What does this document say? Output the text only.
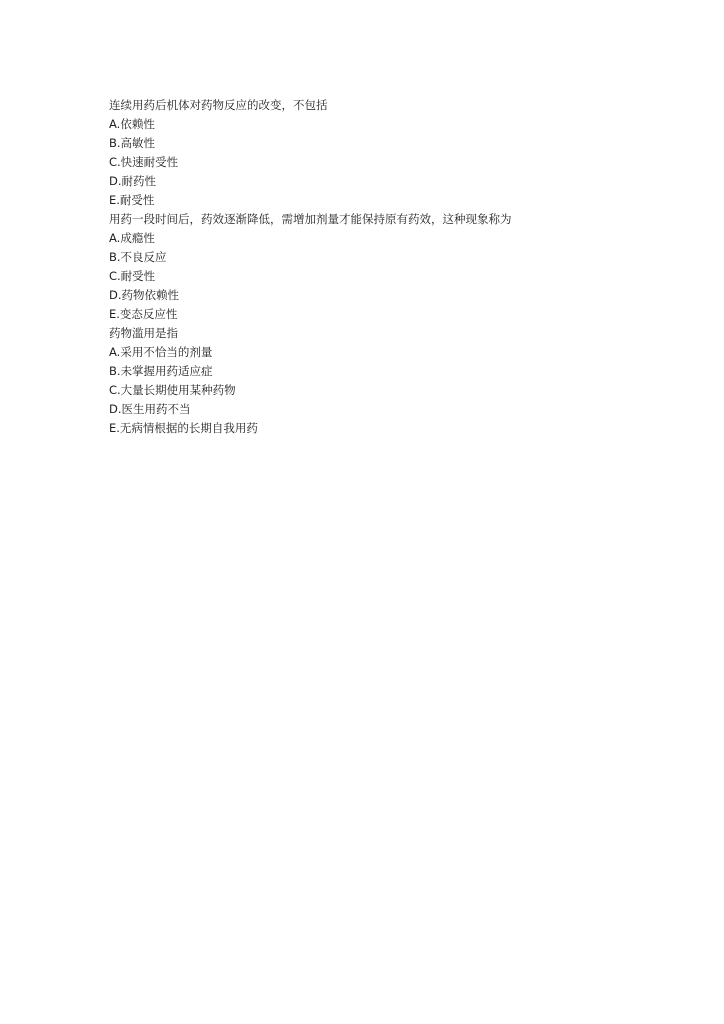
连续用药后机体对药物反应的改变，不包括
A.依赖性
B.高敏性
C.快速耐受性
D.耐药性
E.耐受性
用药一段时间后，药效逐渐降低，需增加剂量才能保持原有药效，这种现象称为
A.成瘾性
B.不良反应
C.耐受性
D.药物依赖性
E.变态反应性
药物滥用是指
A.采用不恰当的剂量
B.未掌握用药适应症
C.大量长期使用某种药物
D.医生用药不当
E.无病情根据的长期自我用药
